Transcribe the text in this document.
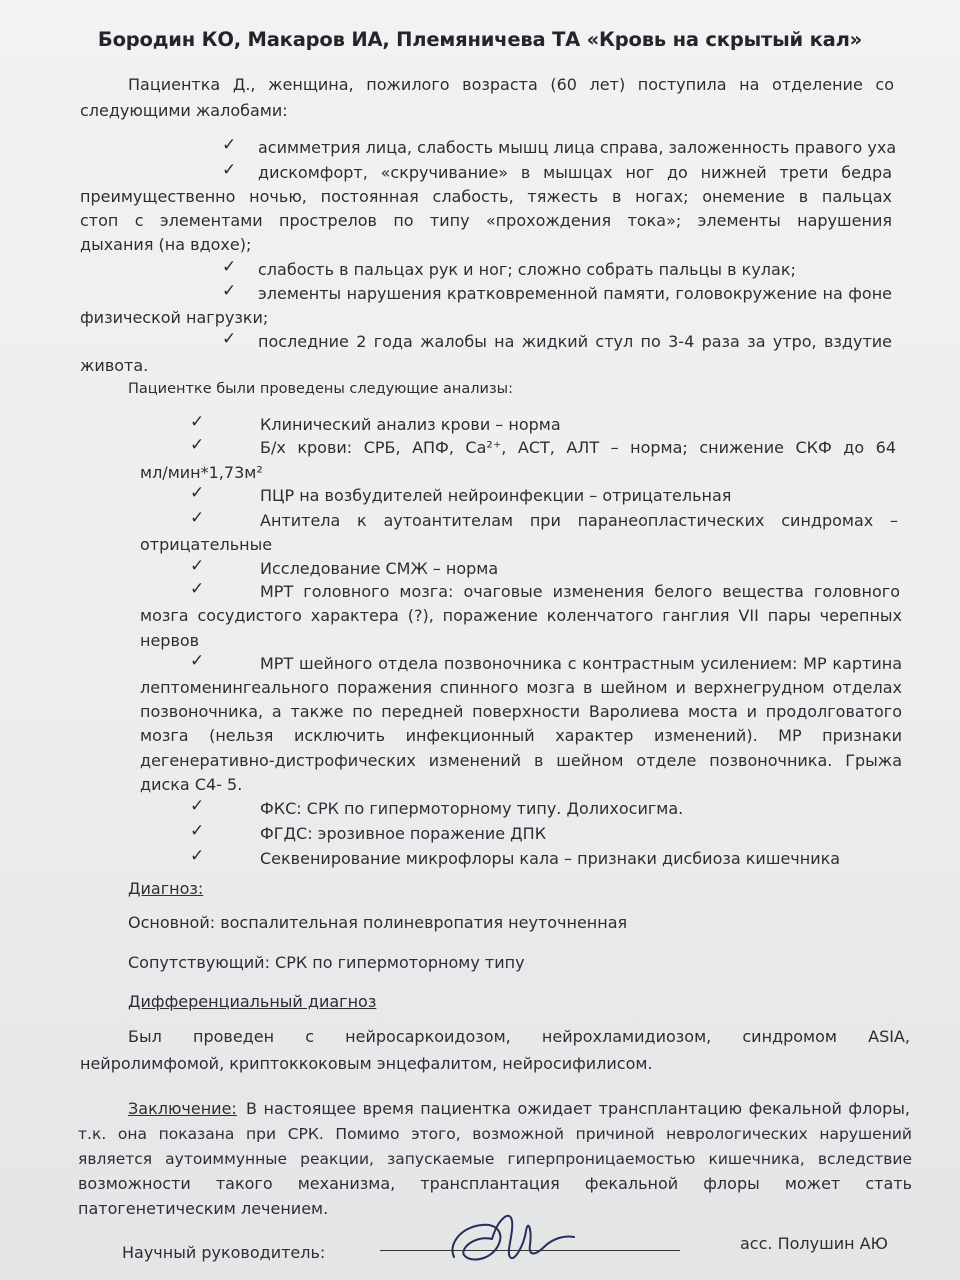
Бородин КО, Макаров ИА, Племяничева ТА «Кровь на скрытый кал»
Пациентка Д., женщина, пожилого возраста (60 лет) поступила на отделение со
следующими жалобами:
✓ асимметрия лица, слабость мышц лица справа, заложенность правого уха
✓ дискомфорт, «скручивание» в мышцах ног до нижней трети бедра
преимущественно ночью, постоянная слабость, тяжесть в ногах; онемение в пальцах
стоп с элементами прострелов по типу «прохождения тока»; элементы нарушения
дыхания (на вдохе);
✓ слабость в пальцах рук и ног; сложно собрать пальцы в кулак;
✓ элементы нарушения кратковременной памяти, головокружение на фоне
физической нагрузки;
✓ последние 2 года жалобы на жидкий стул по 3-4 раза за утро, вздутие
живота.
Пациентке были проведены следующие анализы:
✓	Клинический анализ крови – норма
✓	Б/х крови: СРБ, АПФ, Ca²⁺, АСТ, АЛТ – норма; снижение СКФ до 64
мл/мин*1,73м²
✓	ПЦР на возбудителей нейроинфекции – отрицательная
✓	Антитела к аутоантителам при паранеопластических синдромах –
отрицательные
✓	Исследование СМЖ – норма
✓	МРТ головного мозга: очаговые изменения белого вещества головного
мозга сосудистого характера (?), поражение коленчатого ганглия VII пары черепных
нервов
✓	МРТ шейного отдела позвоночника с контрастным усилением: МР картина
лептоменингеального поражения спинного мозга в шейном и верхнегрудном отделах
позвоночника, а также по передней поверхности Варолиева моста и продолговатого
мозга (нельзя исключить инфекционный характер изменений). МР признаки
дегенеративно-дистрофических изменений в шейном отделе позвоночника. Грыжа
диска С4- 5.
✓	ФКС: СРК по гипермоторному типу. Долихосигма.
✓	ФГДС: эрозивное поражение ДПК
✓	Секвенирование микрофлоры кала – признаки дисбиоза кишечника
Диагноз:
Основной: воспалительная полиневропатия неуточненная
Сопутствующий: СРК по гипермоторному типу
Дифференциальный диагноз
Был проведен с нейросаркоидозом, нейрохламидиозом, синдромом ASIA,
нейролимфомой, криптоккоковым энцефалитом, нейросифилисом.
Заключение: В настоящее время пациентка ожидает трансплантацию фекальной флоры,
т.к. она показана при СРК. Помимо этого, возможной причиной неврологических нарушений
является аутоиммунные реакции, запускаемые гиперпроницаемостью кишечника, вследствие
возможности такого механизма, трансплантация фекальной флоры может стать
патогенетическим лечением.
Научный руководитель:	асс. Полушин АЮ
